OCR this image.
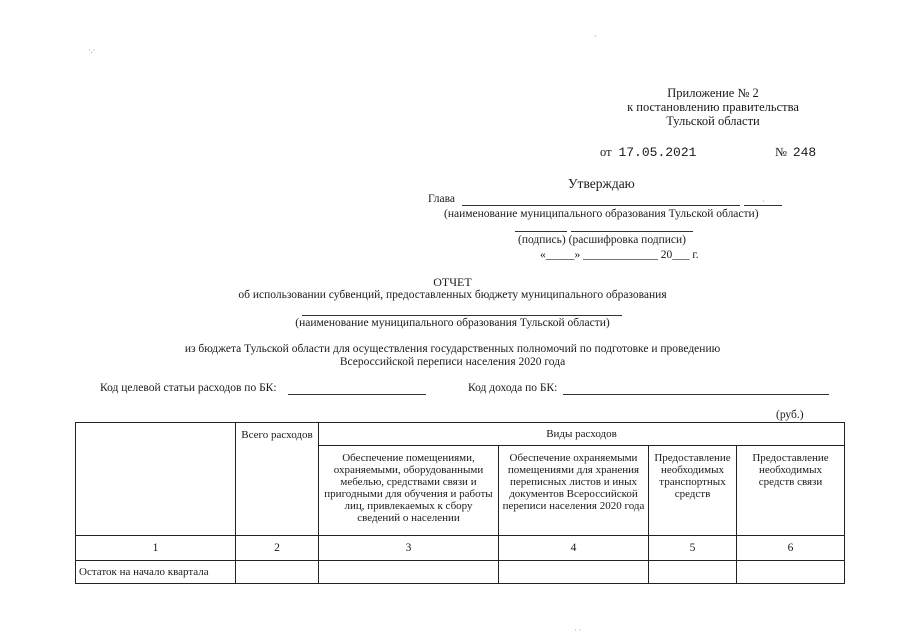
Приложение № 2
к постановлению правительства
Тульской области
от 17.05.2021	№ 248
Утверждаю
Глава
(наименование муниципального образования Тульской области)
(подпись) (расшифровка подписи)
«_____» _____________ 20___ г.
ОТЧЕТ
об использовании субвенций, предоставленных бюджету муниципального образования
(наименование муниципального образования Тульской области)
из бюджета Тульской области для осуществления государственных полномочий по подготовке и проведению
Всероссийской переписи населения 2020 года
Код целевой статьи расходов по БК:	Код дохода по БК:
(руб.)
	Всего расходов	Виды расходов			
		Обеспечение помещениями, охраняемыми, оборудованными мебелью, средствами связи и пригодными для обучения и работы лиц, привлекаемых к сбору сведений о населении	Обеспечение охраняемыми помещениями для хранения переписных листов и иных документов Всероссийской переписи населения 2020 года	Предоставление необходимых транспортных средств	Предоставление необходимых средств связи
1	2	3	4	5	6
Остаток на начало квартала					
·.·
·
·
· ·
